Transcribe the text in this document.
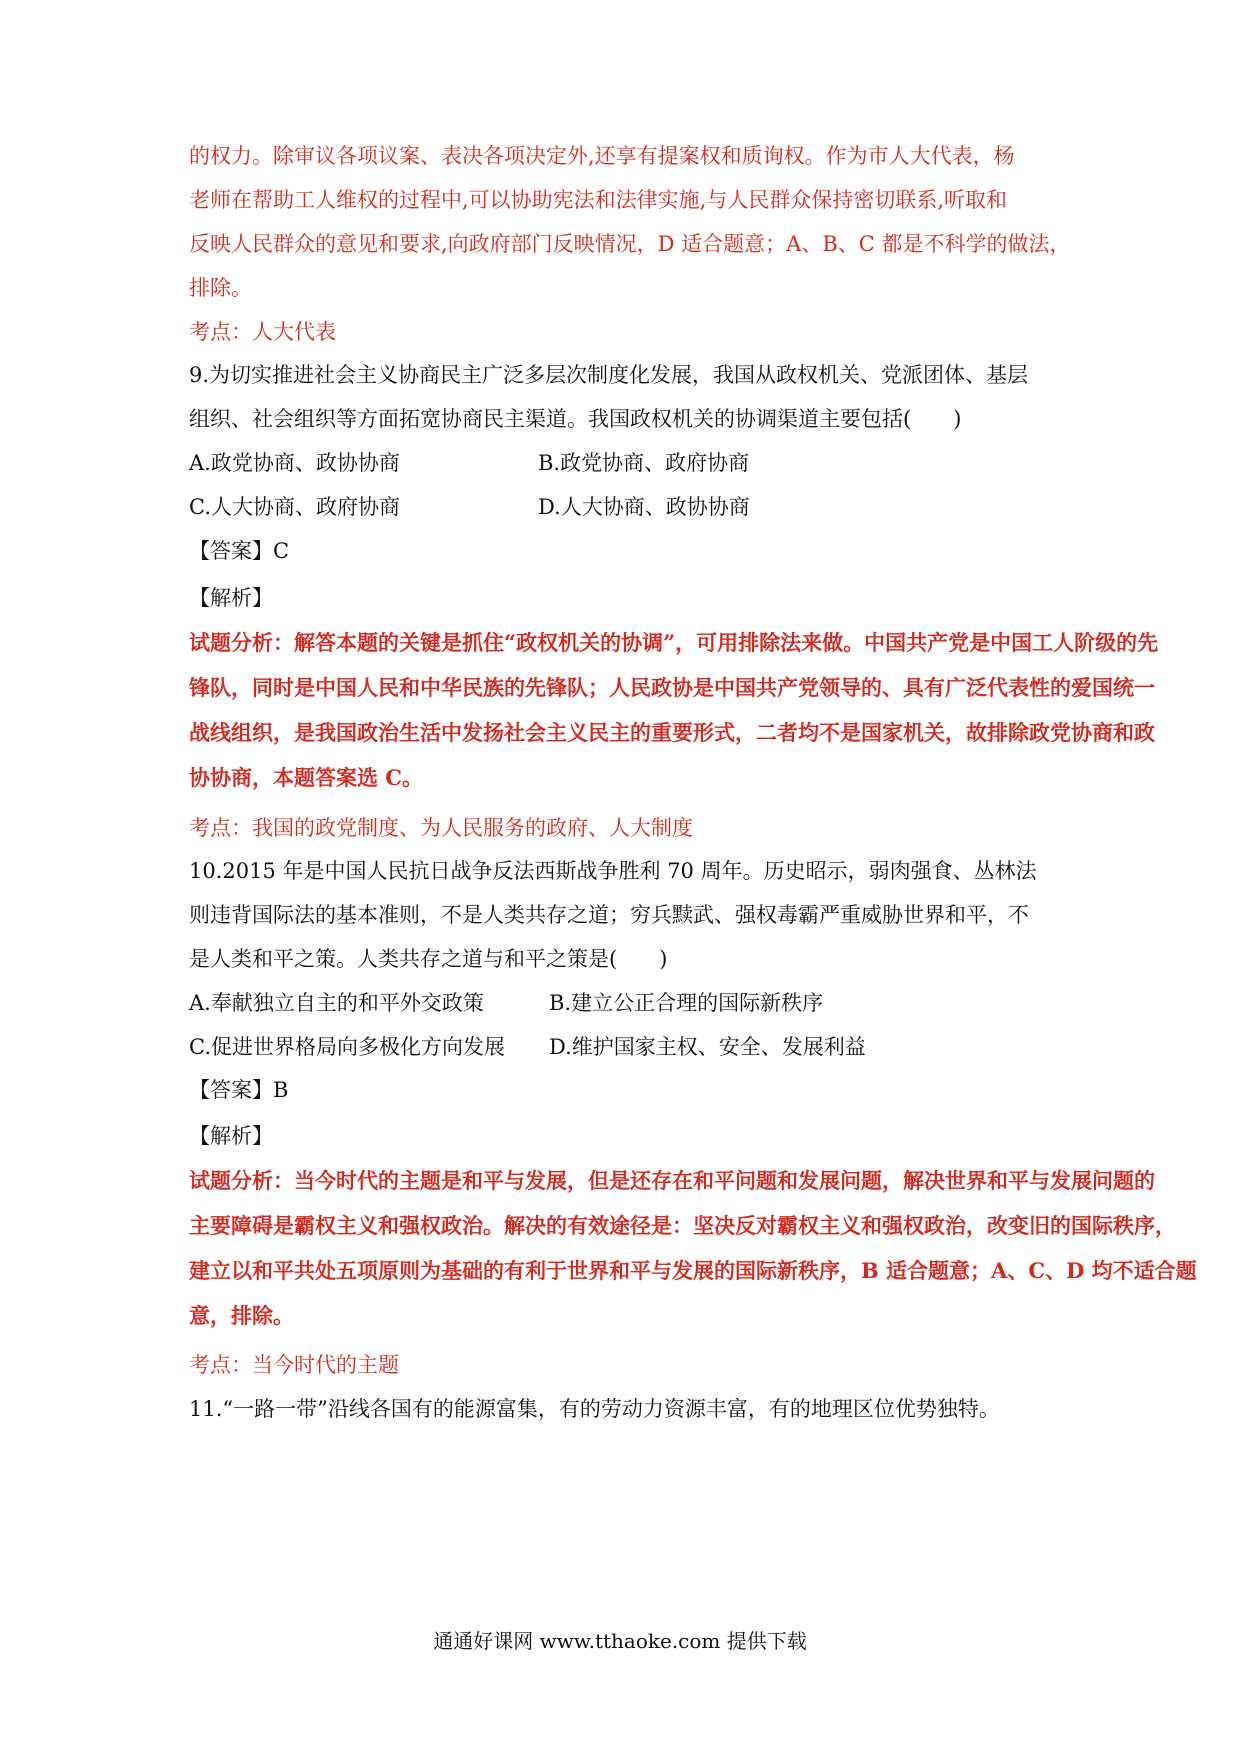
的权力。除审议各项议案、表决各项决定外,还享有提案权和质询权。作为市人大代表，杨
老师在帮助工人维权的过程中,可以协助宪法和法律实施,与人民群众保持密切联系,听取和
反映人民群众的意见和要求,向政府部门反映情况，D 适合题意；A、B、C 都是不科学的做法，
排除。
考点：人大代表
9.为切实推进社会主义协商民主广泛多层次制度化发展，我国从政权机关、党派团体、基层
组织、社会组织等方面拓宽协商民主渠道。我国政权机关的协调渠道主要包括(　　)
A.政党协商、政协协商	B.政党协商、政府协商
C.人大协商、政府协商	D.人大协商、政协协商
【答案】C
【解析】
试题分析：解答本题的关键是抓住“政权机关的协调”，可用排除法来做。中国共产党是中国工人阶级的先
锋队，同时是中国人民和中华民族的先锋队；人民政协是中国共产党领导的、具有广泛代表性的爱国统一
战线组织，是我国政治生活中发扬社会主义民主的重要形式，二者均不是国家机关，故排除政党协商和政
协协商，本题答案选 C。
考点：我国的政党制度、为人民服务的政府、人大制度
10.2015 年是中国人民抗日战争反法西斯战争胜利 70 周年。历史昭示，弱肉强食、丛林法
则违背国际法的基本准则，不是人类共存之道；穷兵黩武、强权毒霸严重威胁世界和平，不
是人类和平之策。人类共存之道与和平之策是(　　)
A.奉献独立自主的和平外交政策	B.建立公正合理的国际新秩序
C.促进世界格局向多极化方向发展 D.维护国家主权、安全、发展利益
【答案】B
【解析】
试题分析：当今时代的主题是和平与发展，但是还存在和平问题和发展问题，解决世界和平与发展问题的
主要障碍是霸权主义和强权政治。解决的有效途径是：坚决反对霸权主义和强权政治，改变旧的国际秩序，
建立以和平共处五项原则为基础的有利于世界和平与发展的国际新秩序，B 适合题意；A、C、D 均不适合题
意，排除。
考点：当今时代的主题
11.“一路一带”沿线各国有的能源富集，有的劳动力资源丰富，有的地理区位优势独特。
通通好课网 www.tthaoke.com 提供下载
